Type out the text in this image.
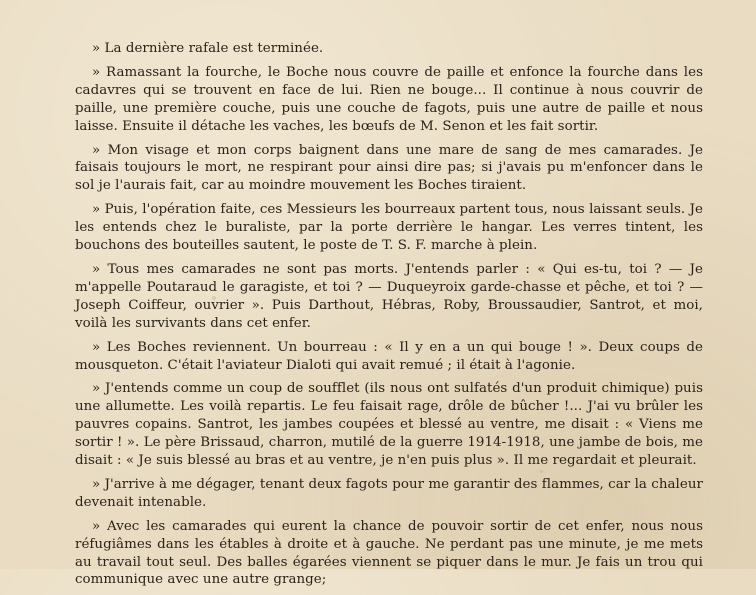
» La dernière rafale est terminée.

» Ramassant la fourche, le Boche nous couvre de paille et enfonce la fourche dans les cadavres qui se trouvent en face de lui. Rien ne bouge... Il continue à nous couvrir de paille, une première couche, puis une couche de fagots, puis une autre de paille et nous laisse. Ensuite il détache les vaches, les bœufs de M. Senon et les fait sortir.

» Mon visage et mon corps baignent dans une mare de sang de mes camarades. Je faisais toujours le mort, ne respirant pour ainsi dire pas; si j'avais pu m'enfoncer dans le sol je l'aurais fait, car au moindre mouvement les Boches tiraient.

» Puis, l'opération faite, ces Messieurs les bourreaux partent tous, nous laissant seuls. Je les entends chez le buraliste, par la porte derrière le hangar. Les verres tintent, les bouchons des bouteilles sautent, le poste de T. S. F. marche à plein.

» Tous mes camarades ne sont pas morts. J'entends parler : « Qui es-tu, toi ? — Je m'appelle Poutaraud le garagiste, et toi ? — Duqueyroix garde-chasse et pêche, et toi ? — Joseph Coiffeur, ouvrier ». Puis Darthout, Hébras, Roby, Broussaudier, Santrot, et moi, voilà les survivants dans cet enfer.

» Les Boches reviennent. Un bourreau : « Il y en a un qui bouge ! ». Deux coups de mousqueton. C'était l'aviateur Dialoti qui avait remué ; il était à l'agonie.

» J'entends comme un coup de soufflet (ils nous ont sulfatés d'un produit chimique) puis une allumette. Les voilà repartis. Le feu faisait rage, drôle de bûcher !... J'ai vu brûler les pauvres copains. Santrot, les jambes coupées et blessé au ventre, me disait : « Viens me sortir ! ». Le père Brissaud, charron, mutilé de la guerre 1914-1918, une jambe de bois, me disait : « Je suis blessé au bras et au ventre, je n'en puis plus ». Il me regardait et pleurait.

» J'arrive à me dégager, tenant deux fagots pour me garantir des flammes, car la chaleur devenait intenable.

» Avec les camarades qui eurent la chance de pouvoir sortir de cet enfer, nous nous réfugiâmes dans les étables à droite et à gauche. Ne perdant pas une minute, je me mets au travail tout seul. Des balles égarées viennent se piquer dans le mur. Je fais un trou qui communique avec une autre grange;
